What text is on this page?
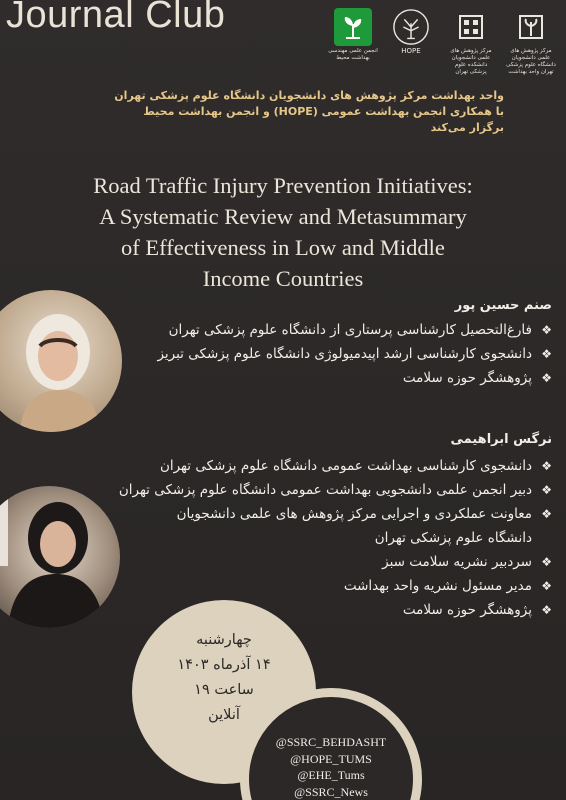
Journal Club
انجمن علمی مهندسی بهداشت محیط
HOPE	مرکز پژوهش های علمی دانشجویان دانشکده علوم پزشکی تهران
مرکز پژوهش های علمی دانشجویان دانشگاه علوم پزشکی تهران واحد بهداشت
واحد بهداشت مرکز پژوهش های دانشجویان دانشگاه علوم پزشکی تهران
با همکاری انجمن بهداشت عمومی (HOPE) و انجمن بهداشت محیط
برگزار می‌کند
Road Traffic Injury Prevention Initiatives:
A Systematic Review and Metasummary
of Effectiveness in Low and Middle
Income Countries
صنم حسین پور
❖ فارغ‌التحصیل کارشناسی پرستاری از دانشگاه علوم پزشکی تهران
❖ دانشجوی کارشناسی ارشد اپیدمیولوژی دانشگاه علوم پزشکی تبریز
❖ پژوهشگر حوزه سلامت
نرگس ابراهیمی
❖ دانشجوی کارشناسی بهداشت عمومی دانشگاه علوم پزشکی تهران
❖ دبیر انجمن علمی دانشجویی بهداشت عمومی دانشگاه علوم پزشکی تهران
❖ معاونت عملکردی و اجرایی مرکز پژوهش های علمی دانشجویان
دانشگاه علوم پزشکی تهران
❖ سردبیر نشریه سلامت سبز
❖ مدیر مسئول نشریه واحد بهداشت
❖ پژوهشگر حوزه سلامت
چهارشنبه
۱۴ آذرماه ۱۴۰۳
ساعت ۱۹
آنلاین
@SSRC_BEHDASHT
@HOPE_TUMS
@EHE_Tums
@SSRC_News
